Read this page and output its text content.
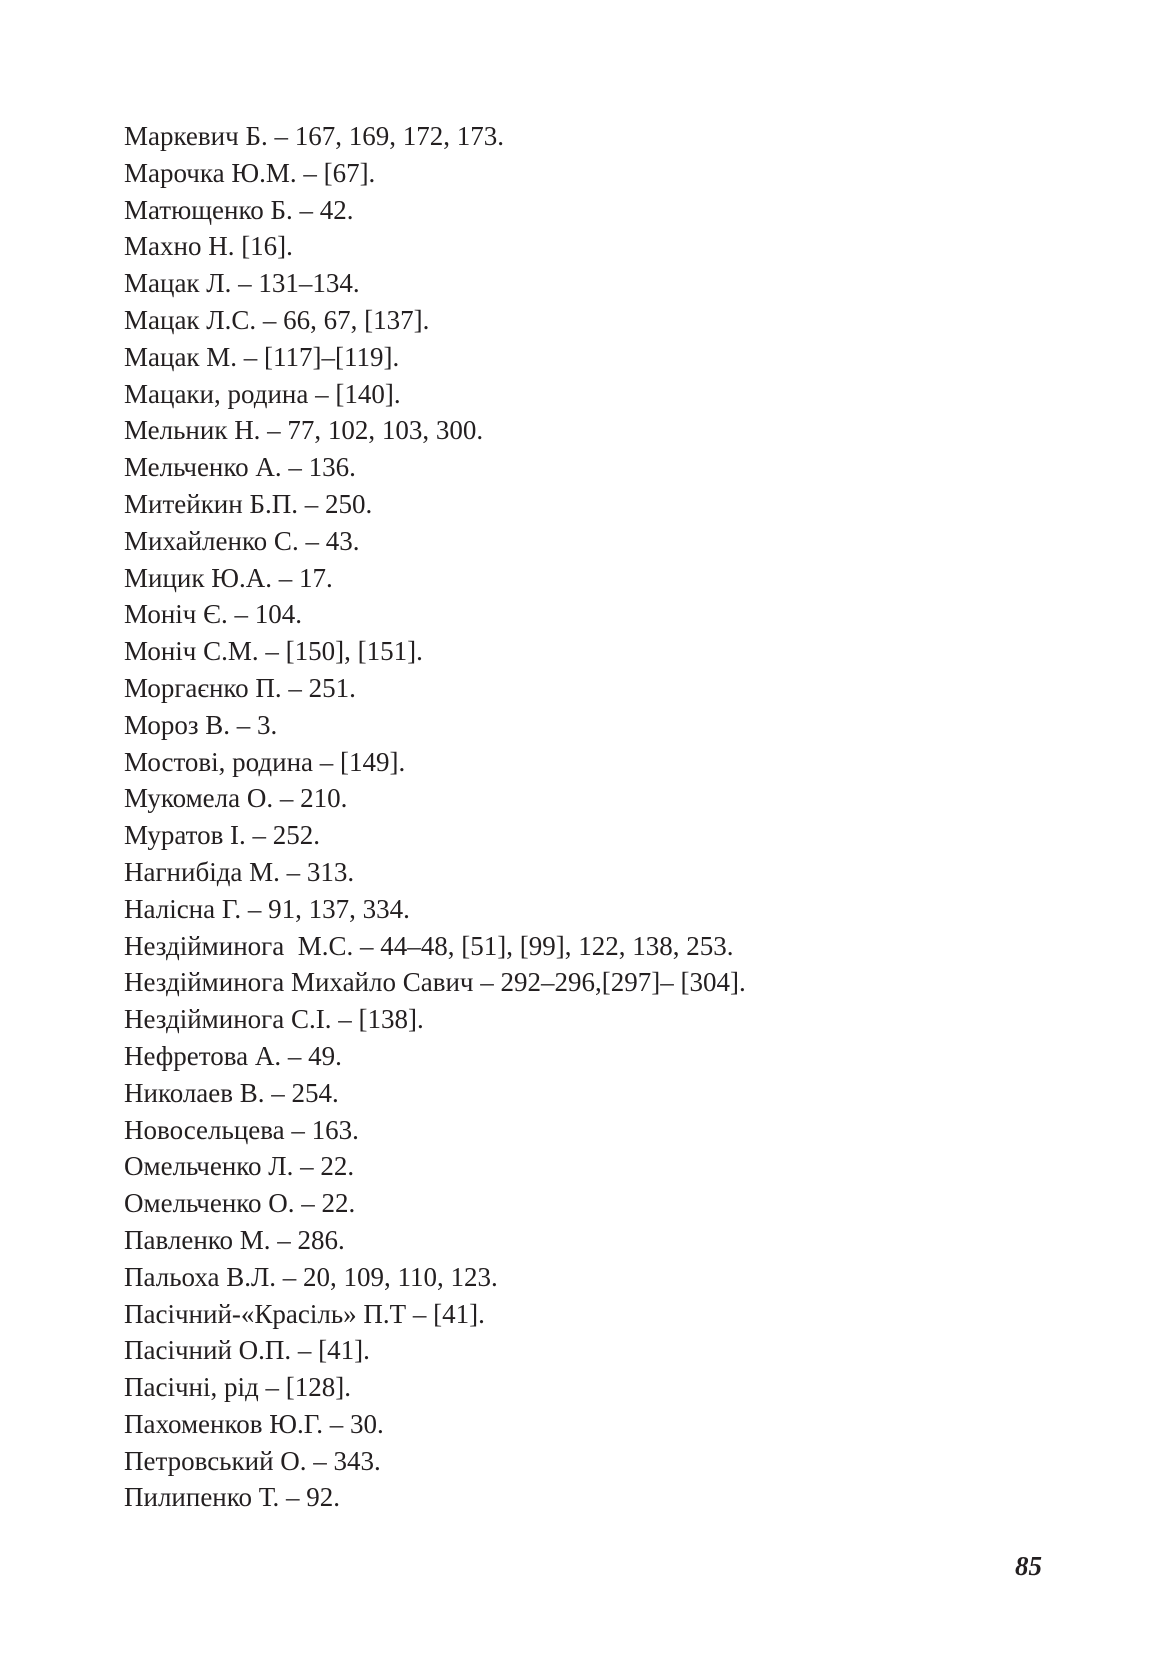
Маркевич Б. – 167, 169, 172, 173.
Марочка Ю.М. – [67].
Матющенко Б. – 42.
Махно Н. [16].
Мацак Л. – 131–134.
Мацак Л.С. – 66, 67, [137].
Мацак М. – [117]–[119].
Мацаки, родина – [140].
Мельник Н. – 77, 102, 103, 300.
Мельченко А. – 136.
Митейкин Б.П. – 250.
Михайленко С. – 43.
Мицик Ю.А. – 17.
Моніч Є. – 104.
Моніч С.М. – [150], [151].
Моргаєнко П. – 251.
Мороз В. – 3.
Мостові, родина – [149].
Мукомела О. – 210.
Муратов І. – 252.
Нагнибіда М. – 313.
Налісна Г. – 91, 137, 334.
Нездійминога  М.С. – 44–48, [51], [99], 122, 138, 253.
Нездійминога Михайло Савич – 292–296,[297]– [304].
Нездійминога С.І. – [138].
Нефретова А. – 49.
Николаев В. – 254.
Новосельцева – 163.
Омельченко Л. – 22.
Омельченко О. – 22.
Павленко М. – 286.
Пальоха В.Л. – 20, 109, 110, 123.
Пасічний-«Красіль» П.Т – [41].
Пасічний О.П. – [41].
Пасічні, рід – [128].
Пахоменков Ю.Г. – 30.
Петровський О. – 343.
Пилипенко Т. – 92.

85
